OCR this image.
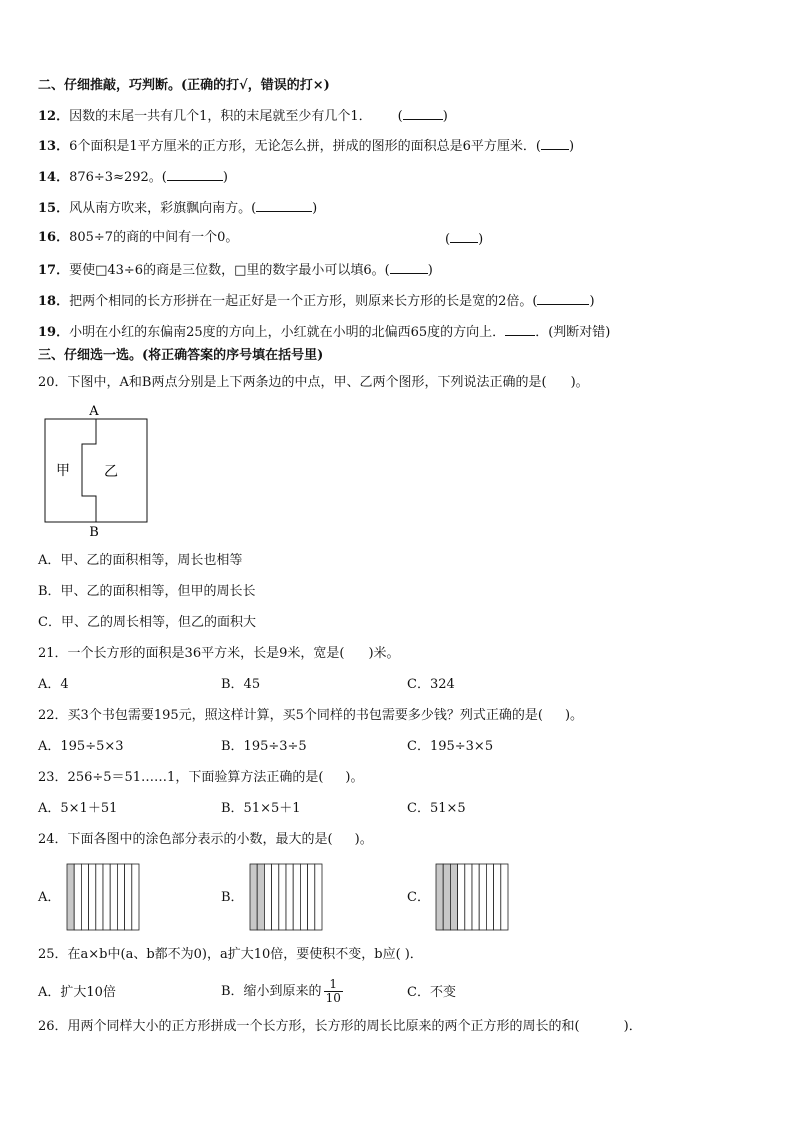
二、仔细推敲，巧判断。(正确的打√，错误的打×)
12．因数的末尾一共有几个1，积的末尾就至少有几个1． (	)
13．6个面积是1平方厘米的正方形，无论怎么拼，拼成的图形的面积总是6平方厘米．( )
14．876÷3≈292。(	)
15．风从南方吹来，彩旗飘向南方。(	)
16．805÷7的商的中间有一个0。	( )
17．要使□43÷6的商是三位数，□里的数字最小可以填6。(	)
18．把两个相同的长方形拼在一起正好是一个正方形，则原来长方形的长是宽的2倍。(	)
19．小明在小红的东偏南25度的方向上，小红就在小明的北偏西65度的方向上． ．(判断对错)
三、仔细选一选。(将正确答案的序号填在括号里)
20．下图中，A和B两点分别是上下两条边的中点，甲、乙两个图形，下列说法正确的是( )。
A
B
甲 乙
A．甲、乙的面积相等，周长也相等
B．甲、乙的面积相等，但甲的周长长
C．甲、乙的周长相等，但乙的面积大
21．一个长方形的面积是36平方米，长是9米，宽是( )米。
A．4	B．45	C．324
22．买3个书包需要195元，照这样计算，买5个同样的书包需要多少钱？列式正确的是( )。
A．195÷5×3	B．195÷3÷5	C．195÷3×5
23．256÷5＝51……1，下面验算方法正确的是( )。
A．5×1＋51	B．51×5＋1	C．51×5
24．下面各图中的涂色部分表示的小数，最大的是( )。
A．	B．	C．
25．在a×b中(a、b都不为0)，a扩大10倍，要使积不变，b应( )．
A．扩大10倍	B．缩小到原来的 $\frac{1}{10}$	C．不变
26．用两个同样大小的正方形拼成一个长方形，长方形的周长比原来的两个正方形的周长的和(	)．
